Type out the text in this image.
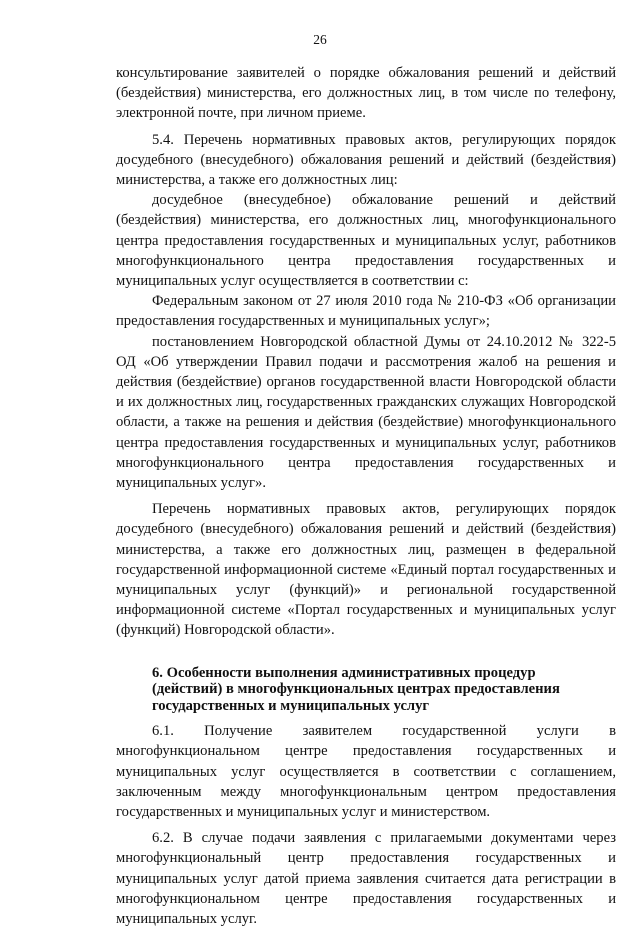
26

консультирование заявителей о порядке обжалования решений и действий (бездействия) министерства, его должностных лиц, в том числе по телефону, электронной почте, при личном приеме.

5.4. Перечень нормативных правовых актов, регулирующих порядок досудебного (внесудебного) обжалования решений и действий (бездействия) министерства, а также его должностных лиц:

досудебное (внесудебное) обжалование решений и действий (бездействия) министерства, его должностных лиц, многофункционального центра предоставления государственных и муниципальных услуг, работников многофункционального центра предоставления государственных и муниципальных услуг осуществляется в соответствии с:

Федеральным законом от 27 июля 2010 года № 210-ФЗ «Об организации предоставления государственных и муниципальных услуг»;

постановлением Новгородской областной Думы от 24.10.2012 № 322-5 ОД «Об утверждении Правил подачи и рассмотрения жалоб на решения и действия (бездействие) органов государственной власти Новгородской области и их должностных лиц, государственных гражданских служащих Новгородской области, а также на решения и действия (бездействие) многофункционального центра предоставления государственных и муниципальных услуг, работников многофункционального центра предоставления государственных и муниципальных услуг».

Перечень нормативных правовых актов, регулирующих порядок досудебного (внесудебного) обжалования решений и действий (бездействия) министерства, а также его должностных лиц, размещен в федеральной государственной информационной системе «Единый портал государственных и муниципальных услуг (функций)» и региональной государственной информационной системе «Портал государственных и муниципальных услуг (функций) Новгородской области».

6. Особенности выполнения административных процедур
(действий) в многофункциональных центрах предоставления
государственных и муниципальных услуг

6.1. Получение заявителем государственной услуги в многофункциональном центре предоставления государственных и муниципальных услуг осуществляется в соответствии с соглашением, заключенным между многофункциональным центром предоставления государственных и муниципальных услуг и министерством.

6.2. В случае подачи заявления с прилагаемыми документами через многофункциональный центр предоставления государственных и муниципальных услуг датой приема заявления считается дата регистрации в многофункциональном центре предоставления государственных и муниципальных услуг.
